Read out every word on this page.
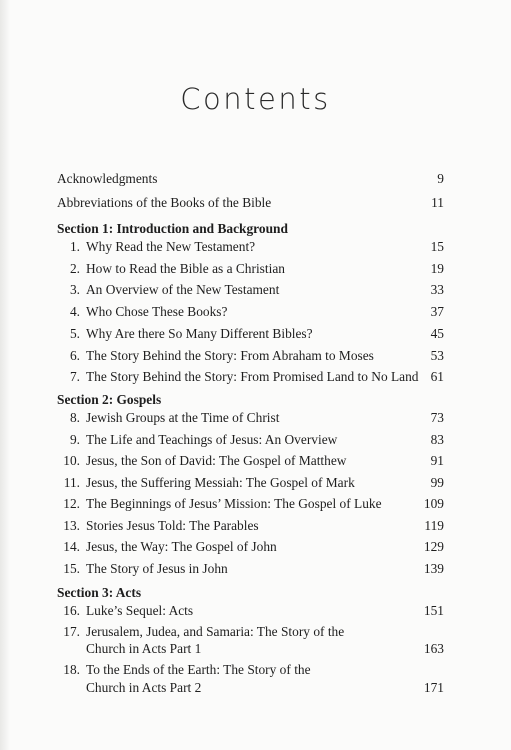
Contents
Acknowledgments	9
Abbreviations of the Books of the Bible	11
Section 1: Introduction and Background
1. Why Read the New Testament?	15
2. How to Read the Bible as a Christian	19
3. An Overview of the New Testament	33
4. Who Chose These Books?	37
5. Why Are there So Many Different Bibles?	45
6. The Story Behind the Story: From Abraham to Moses	53
7. The Story Behind the Story: From Promised Land to No Land 61
Section 2: Gospels
8. Jewish Groups at the Time of Christ	73
9. The Life and Teachings of Jesus: An Overview	83
10. Jesus, the Son of David: The Gospel of Matthew	91
11. Jesus, the Suffering Messiah: The Gospel of Mark	99
12. The Beginnings of Jesus’ Mission: The Gospel of Luke	109
13. Stories Jesus Told: The Parables	119
14. Jesus, the Way: The Gospel of John	129
15. The Story of Jesus in John	139
Section 3: Acts
16. Luke’s Sequel: Acts	151
17. Jerusalem, Judea, and Samaria: The Story of the
Church in Acts Part 1	163
18. To the Ends of the Earth: The Story of the
Church in Acts Part 2	171
